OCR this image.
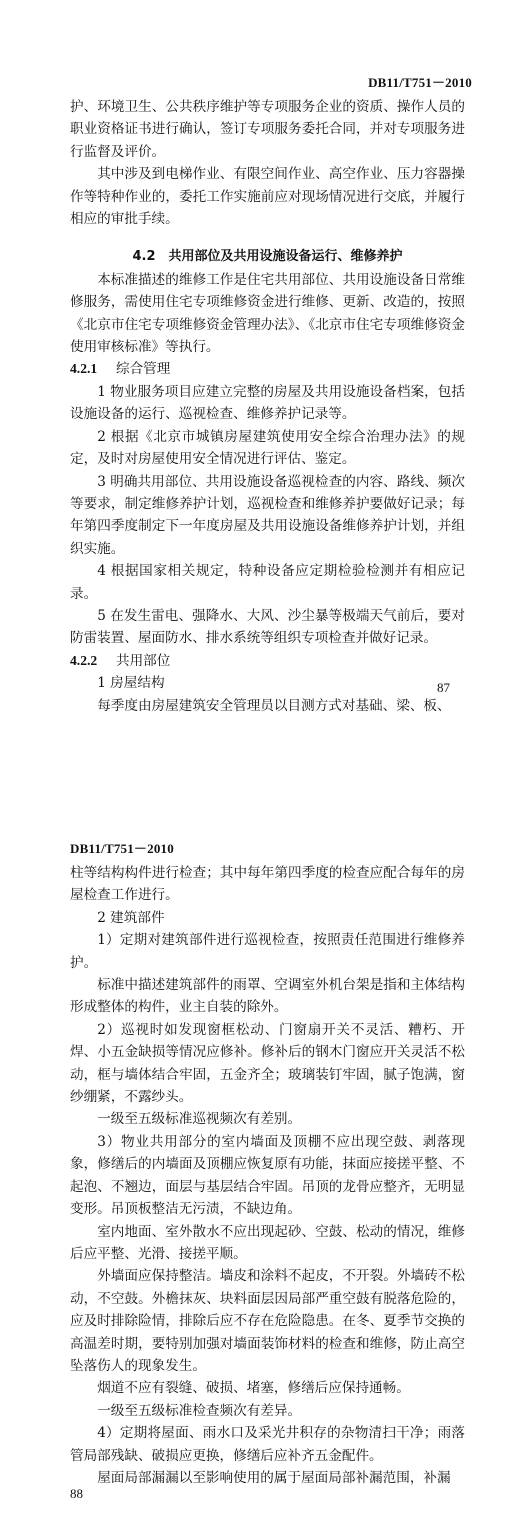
DB11/T751－2010

护、环境卫生、公共秩序维护等专项服务企业的资质、操作人员的职业资格证书进行确认，签订专项服务委托合同，并对专项服务进行监督及评价。

其中涉及到电梯作业、有限空间作业、高空作业、压力容器操作等特种作业的，委托工作实施前应对现场情况进行交底，并履行相应的审批手续。

4.2　共用部位及共用设施设备运行、维修养护

本标准描述的维修工作是住宅共用部位、共用设施设备日常维修服务，需使用住宅专项维修资金进行维修、更新、改造的，按照《北京市住宅专项维修资金管理办法》、《北京市住宅专项维修资金使用审核标准》等执行。

4.2.1 综合管理

1 物业服务项目应建立完整的房屋及共用设施设备档案，包括设施设备的运行、巡视检查、维修养护记录等。

2 根据《北京市城镇房屋建筑使用安全综合治理办法》的规定，及时对房屋使用安全情况进行评估、鉴定。

3 明确共用部位、共用设施设备巡视检查的内容、路线、频次等要求，制定维修养护计划，巡视检查和维修养护要做好记录；每年第四季度制定下一年度房屋及共用设施设备维修养护计划，并组织实施。

4 根据国家相关规定，特种设备应定期检验检测并有相应记录。

5 在发生雷电、强降水、大风、沙尘暴等极端天气前后，要对防雷装置、屋面防水、排水系统等组织专项检查并做好记录。

4.2.2 共用部位

1 房屋结构

每季度由房屋建筑安全管理员以目测方式对基础、梁、板、

87
DB11/T751－2010

柱等结构构件进行检查；其中每年第四季度的检查应配合每年的房屋检查工作进行。

2 建筑部件

1）定期对建筑部件进行巡视检查，按照责任范围进行维修养护。

标准中描述建筑部件的雨罩、空调室外机台架是指和主体结构形成整体的构件，业主自装的除外。

2）巡视时如发现窗框松动、门窗扇开关不灵活、糟朽、开焊、小五金缺损等情况应修补。修补后的钢木门窗应开关灵活不松动，框与墙体结合牢固，五金齐全；玻璃装钉牢固，腻子饱满，窗纱绷紧，不露纱头。

一级至五级标准巡视频次有差别。

3）物业共用部分的室内墙面及顶棚不应出现空鼓、剥落现象，修缮后的内墙面及顶棚应恢复原有功能，抹面应接搓平整、不起泡、不翘边，面层与基层结合牢固。吊顶的龙骨应整齐，无明显变形。吊顶板整洁无污渍，不缺边角。

室内地面、室外散水不应出现起砂、空鼓、松动的情况，维修后应平整、光滑、接搓平顺。

外墙面应保持整洁。墙皮和涂料不起皮，不开裂。外墙砖不松动，不空鼓。外檐抹灰、块料面层因局部严重空鼓有脱落危险的，应及时排除险情，排除后应不存在危险隐患。在冬、夏季节交换的高温差时期，要特别加强对墙面装饰材料的检查和维修，防止高空坠落伤人的现象发生。

烟道不应有裂缝、破损、堵塞，修缮后应保持通畅。

一级至五级标准检查频次有差异。

4）定期将屋面、雨水口及采光井积存的杂物清扫干净；雨落管局部残缺、破损应更换，修缮后应补齐五金配件。

屋面局部漏漏以至影响使用的属于屋面局部补漏范围，补漏

88
